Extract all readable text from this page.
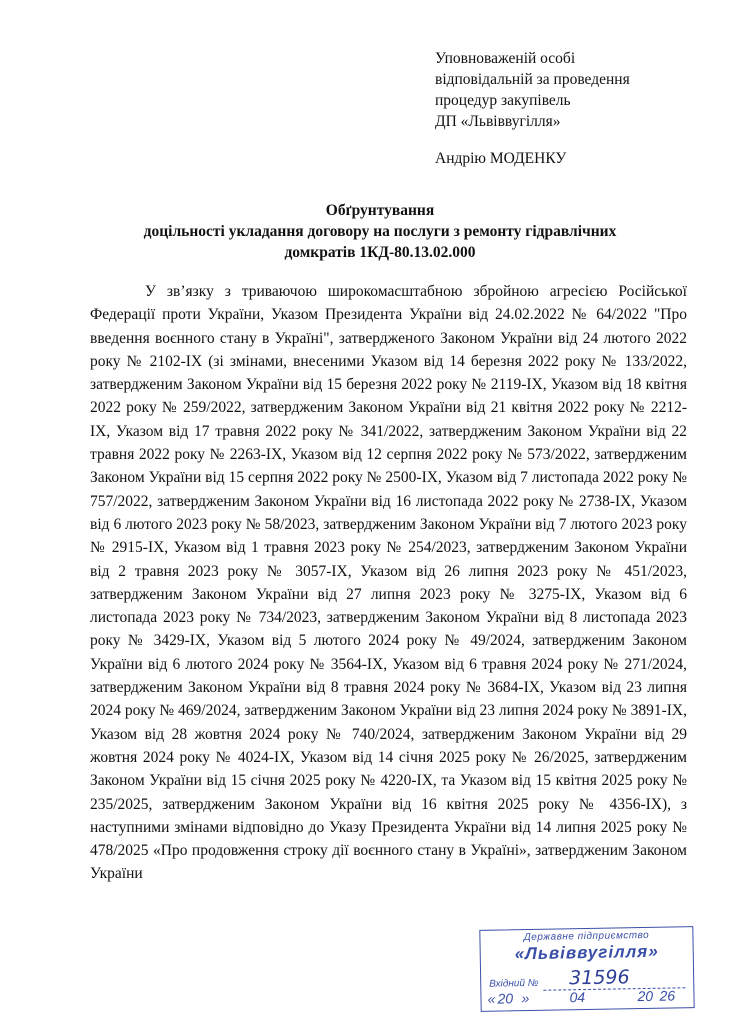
Уповноваженій особі
відповідальній за проведення
процедур закупівель
ДП «Львіввугілля»
Андрію МОДЕНКУ
Обґрунтування
доцільності укладання договору на послуги з ремонту гідравлічних
домкратів 1КД-80.13.02.000

У зв’язку з триваючою широкомасштабною збройною агресією Російської Федерації проти України, Указом Президента України від 24.02.2022 № 64/2022 "Про введення воєнного стану в Україні", затвердженого Законом України від 24 лютого 2022 року № 2102-IX (зі змінами, внесеними Указом від 14 березня 2022 року № 133/2022, затвердженим Законом України від 15 березня 2022 року № 2119-IX, Указом від 18 квітня 2022 року № 259/2022, затвердженим Законом України від 21 квітня 2022 року № 2212-IX, Указом від 17 травня 2022 року № 341/2022, затвердженим Законом України від 22 травня 2022 року № 2263-IX, Указом від 12 серпня 2022 року № 573/2022, затвердженим Законом України від 15 серпня 2022 року № 2500-IX, Указом від 7 листопада 2022 року № 757/2022, затвердженим Законом України від 16 листопада 2022 року № 2738-IX, Указом від 6 лютого 2023 року № 58/2023, затвердженим Законом України від 7 лютого 2023 року № 2915-IX, Указом від 1 травня 2023 року № 254/2023, затвердженим Законом України від 2 травня 2023 року № 3057-IX, Указом від 26 липня 2023 року № 451/2023, затвердженим Законом України від 27 липня 2023 року № 3275-IX, Указом від 6 листопада 2023 року № 734/2023, затвердженим Законом України від 8 листопада 2023 року № 3429-IX, Указом від 5 лютого 2024 року № 49/2024, затвердженим Законом України від 6 лютого 2024 року № 3564-IX, Указом від 6 травня 2024 року № 271/2024, затвердженим Законом України від 8 травня 2024 року № 3684-IX, Указом від 23 липня 2024 року № 469/2024, затвердженим Законом України від 23 липня 2024 року № 3891-IX, Указом від 28 жовтня 2024 року № 740/2024, затвердженим Законом України від 29 жовтня 2024 року № 4024-IX, Указом від 14 січня 2025 року № 26/2025, затвердженим Законом України від 15 січня 2025 року № 4220-IX, та Указом від 15 квітня 2025 року № 235/2025, затвердженим Законом України від 16 квітня 2025 року № 4356-IX), з наступними змінами відповідно до Указу Президента України від 14 липня 2025 року № 478/2025 «Про продовження строку дії воєнного стану в Україні», затвердженим Законом України

Державне підприємство
«Львіввугілля»
Вхідний № 31596
« 20 »	04	20 26
